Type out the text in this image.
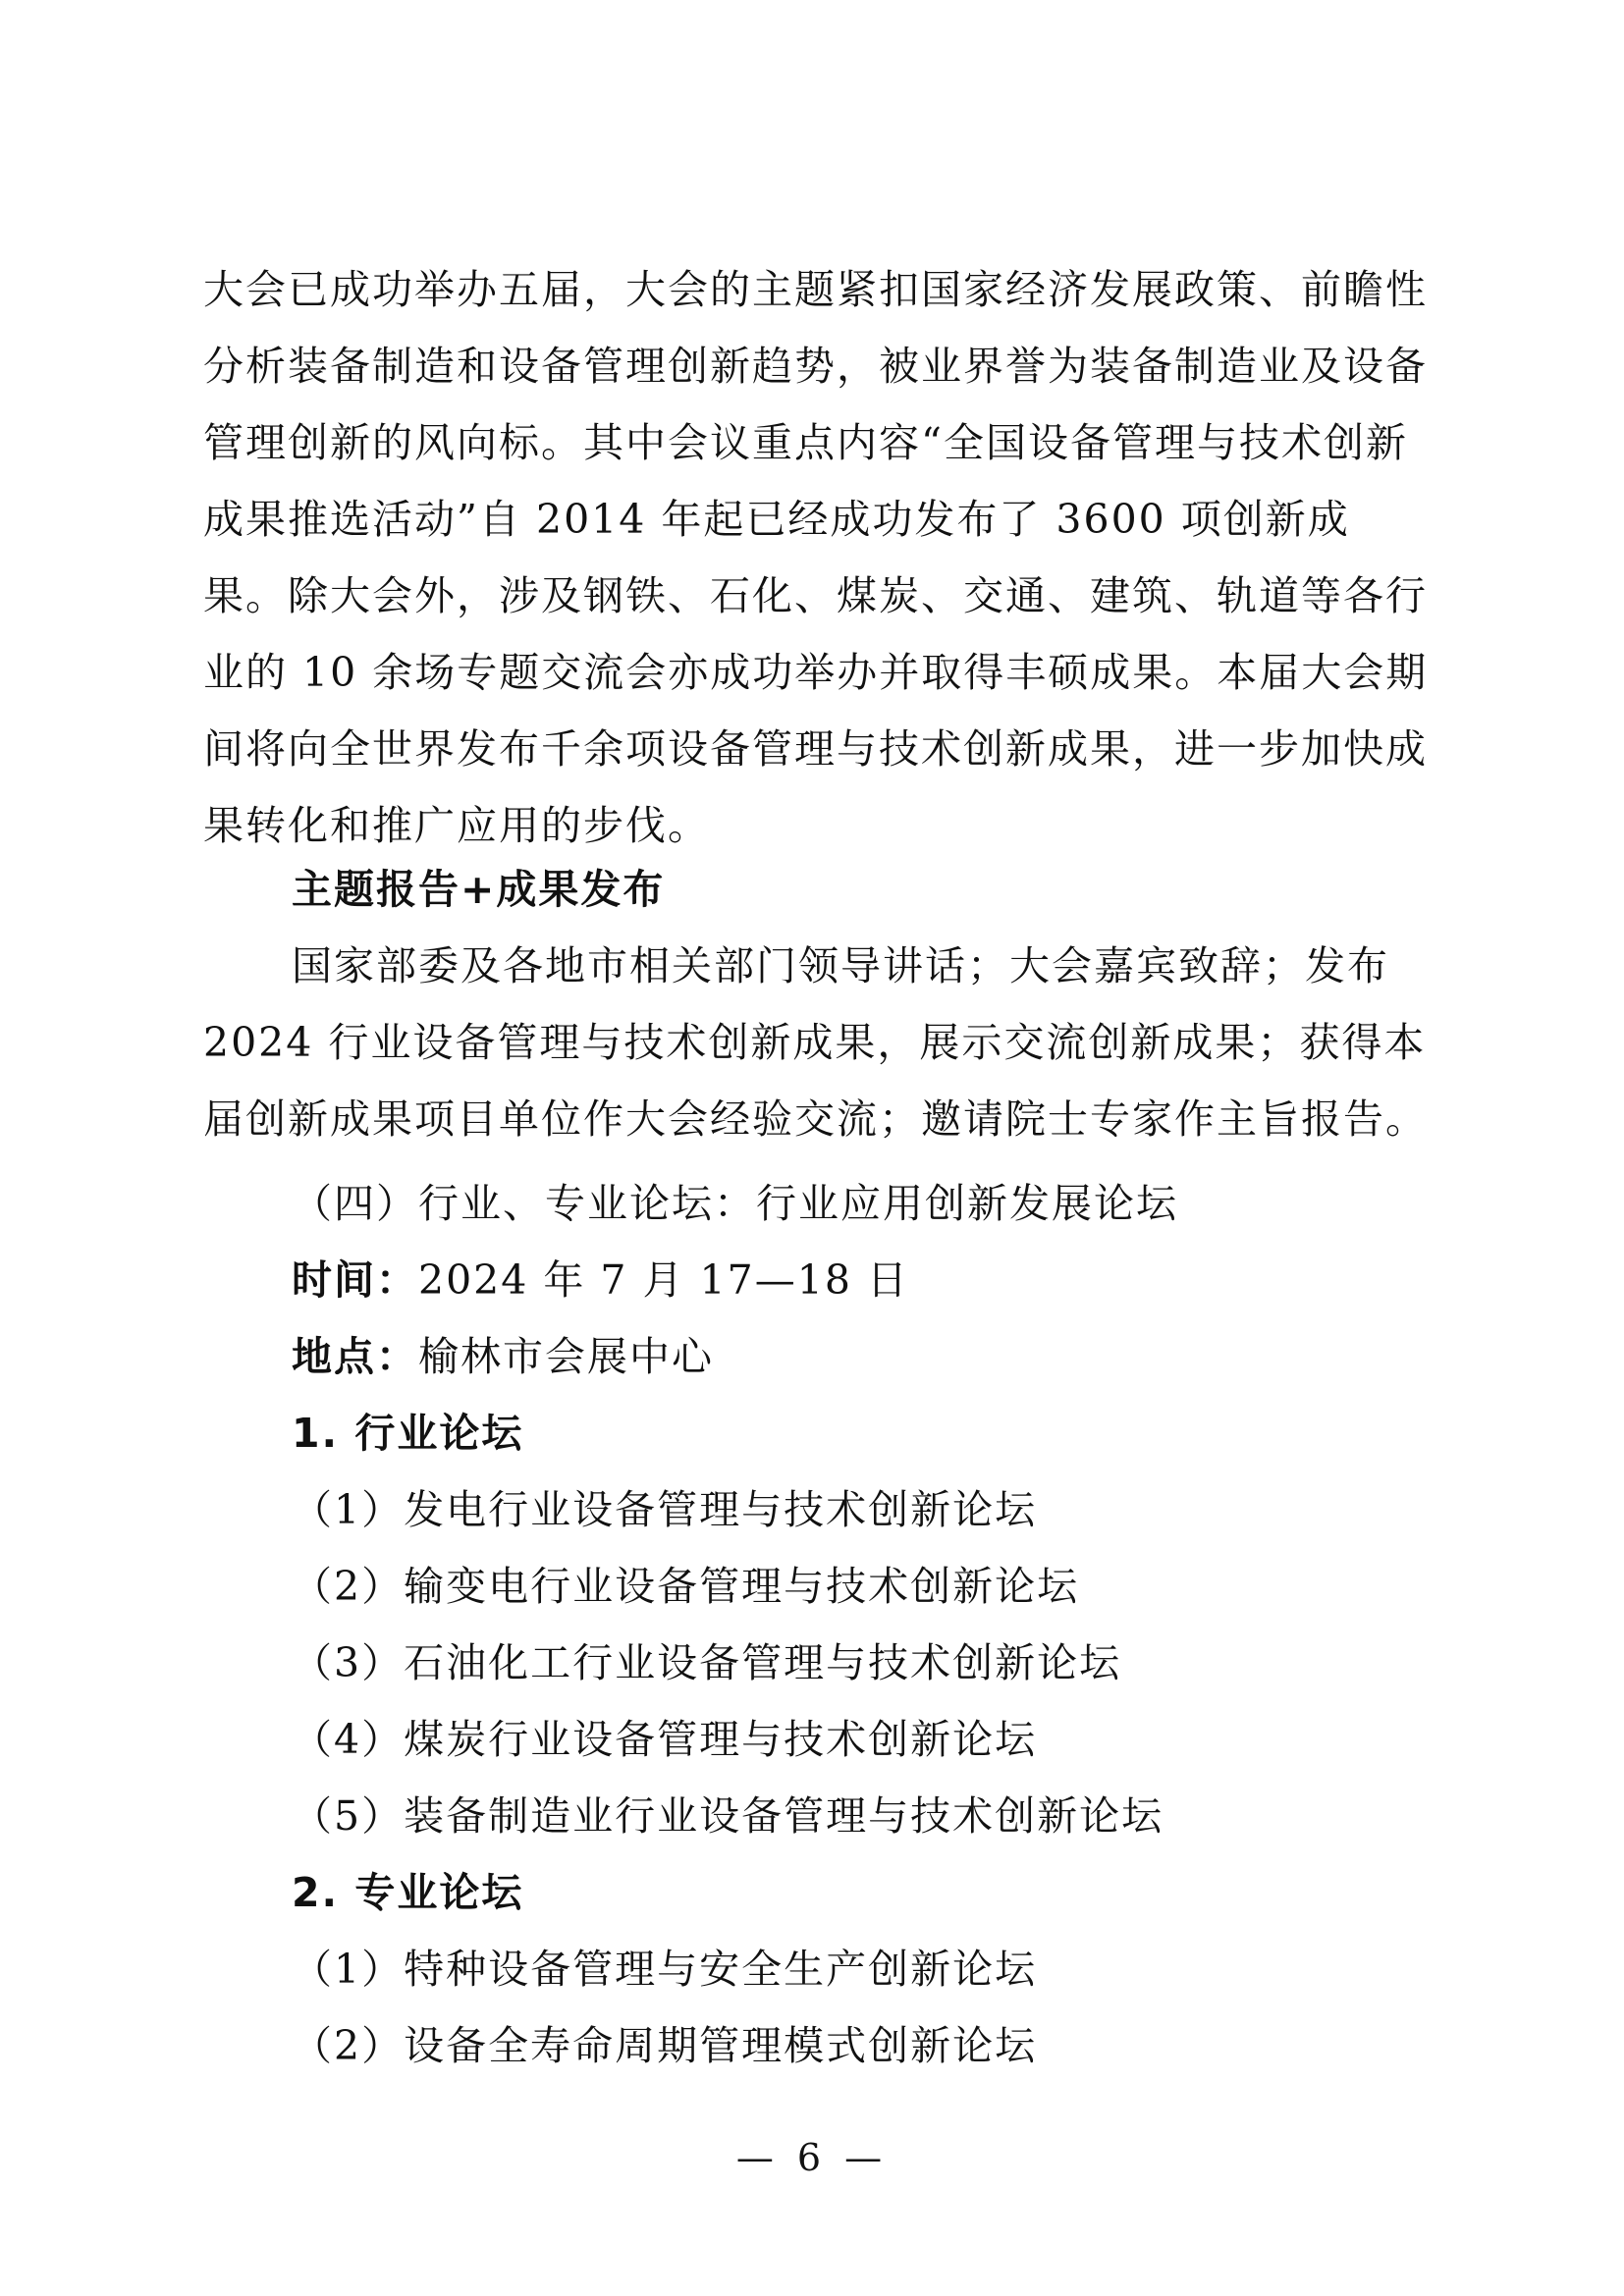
大会已成功举办五届，大会的主题紧扣国家经济发展政策、前瞻性分析装备制造和设备管理创新趋势，被业界誉为装备制造业及设备管理创新的风向标。其中会议重点内容“全国设备管理与技术创新成果推选活动”自 2014 年起已经成功发布了 3600 项创新成果。除大会外，涉及钢铁、石化、煤炭、交通、建筑、轨道等各行业的 10 余场专题交流会亦成功举办并取得丰硕成果。本届大会期间将向全世界发布千余项设备管理与技术创新成果，进一步加快成果转化和推广应用的步伐。

主题报告+成果发布

国家部委及各地市相关部门领导讲话；大会嘉宾致辞；发布 2024 行业设备管理与技术创新成果，展示交流创新成果；获得本届创新成果项目单位作大会经验交流；邀请院士专家作主旨报告。

（四）行业、专业论坛：行业应用创新发展论坛

时间：2024 年 7 月 17—18 日

地点：榆林市会展中心

1. 行业论坛

（1）发电行业设备管理与技术创新论坛

（2）输变电行业设备管理与技术创新论坛

（3）石油化工行业设备管理与技术创新论坛

（4）煤炭行业设备管理与技术创新论坛

（5）装备制造业行业设备管理与技术创新论坛

2. 专业论坛

（1）特种设备管理与安全生产创新论坛

（2）设备全寿命周期管理模式创新论坛

— 6 —
